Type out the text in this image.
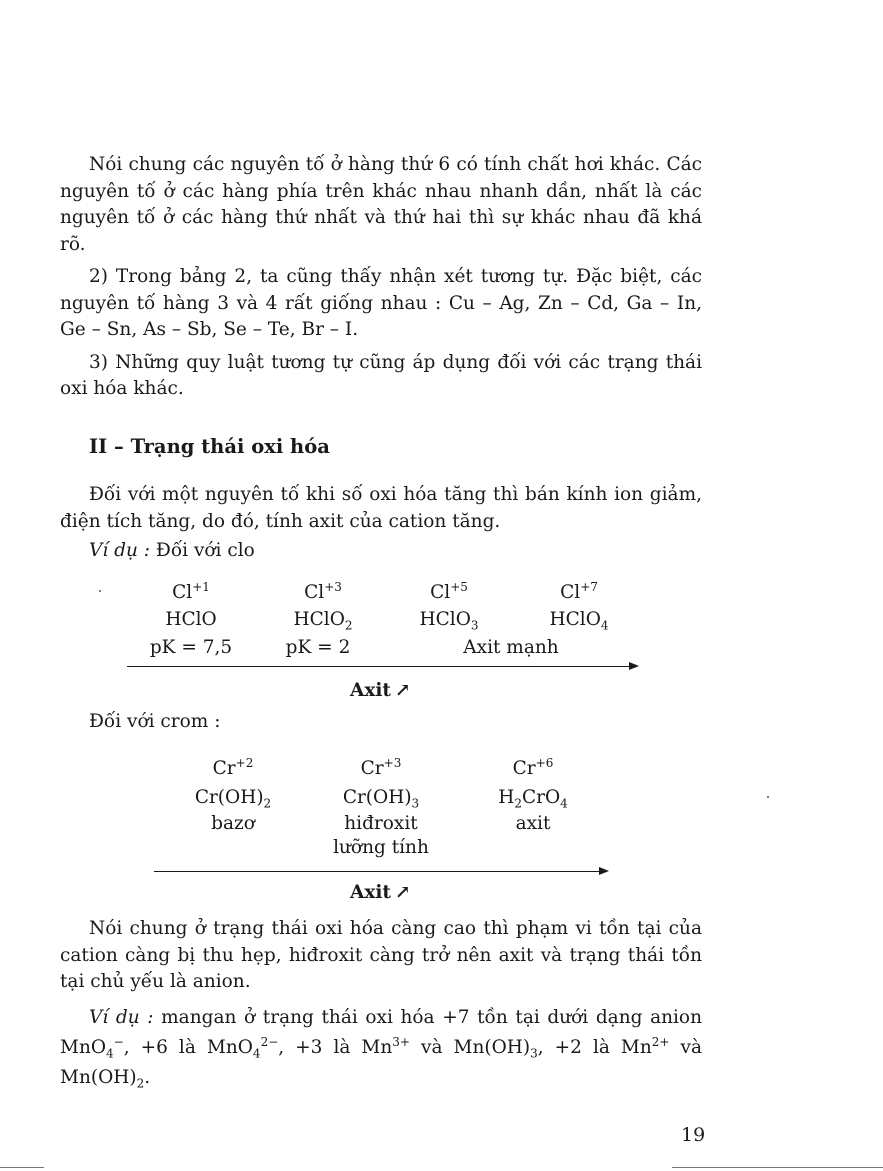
Nói chung các nguyên tố ở hàng thứ 6 có tính chất hơi khác. Các nguyên tố ở các hàng phía trên khác nhau nhanh dần, nhất là các nguyên tố ở các hàng thứ nhất và thứ hai thì sự khác nhau đã khá rõ.

2) Trong bảng 2, ta cũng thấy nhận xét tương tự. Đặc biệt, các nguyên tố hàng 3 và 4 rất giống nhau : Cu – Ag, Zn – Cd, Ga – In, Ge – Sn, As – Sb, Se – Te, Br – I.

3) Những quy luật tương tự cũng áp dụng đối với các trạng thái oxi hóa khác.

II – Trạng thái oxi hóa

Đối với một nguyên tố khi số oxi hóa tăng thì bán kính ion giảm, điện tích tăng, do đó, tính axit của cation tăng.

Ví dụ : Đối với clo
$Cl^{+1}$	$Cl^{+3}$	$Cl^{+5}$	$Cl^{+7}$
HClO	HClO$_2$	HClO$_3$	HClO$_4$
pK = 7,5	pK = 2	Axit mạnh
Axit ↗
Đối với crom :
$Cr^{+2}$	$Cr^{+3}$	$Cr^{+6}$
$Cr(OH)_2$	$Cr(OH)_3$	$H_2CrO_4$
bazơ	hiđroxit	axit
lưỡng tính
Axit ↗

Nói chung ở trạng thái oxi hóa càng cao thì phạm vi tồn tại của cation càng bị thu hẹp, hiđroxit càng trở nên axit và trạng thái tồn tại chủ yếu là anion.

Ví dụ : mangan ở trạng thái oxi hóa +7 tồn tại dưới dạng anion MnO$_4$−, +6 là MnO$_4^{2-}$, +3 là $Mn^{3+}$ và $Mn(OH)_3$, +2 là $Mn^{2+}$ và $Mn(OH)_2$.

19
